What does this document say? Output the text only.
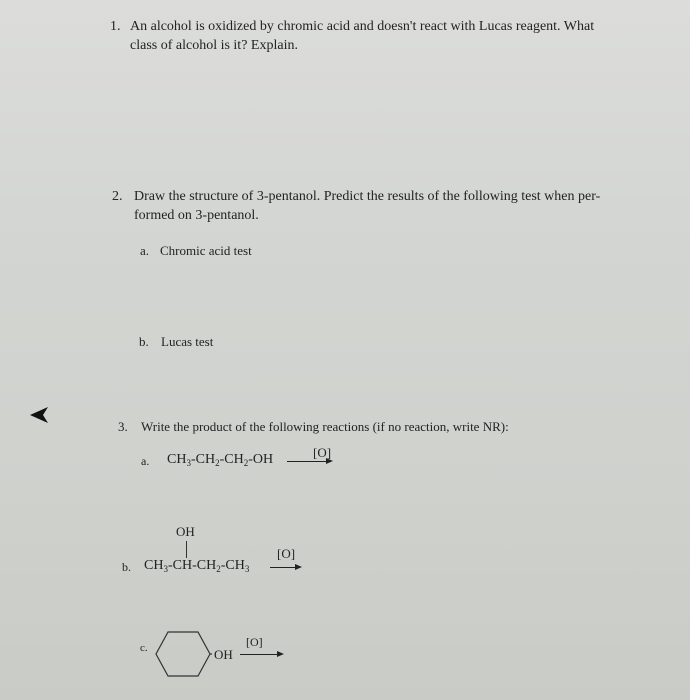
1. An alcohol is oxidized by chromic acid and doesn't react with Lucas reagent. What
class of alcohol is it? Explain.
2. Draw the structure of 3-pentanol. Predict the results of the following test when per-
formed on 3-pentanol.
a. Chromic acid test
b. Lucas test
3. Write the product of the following reactions (if no reaction, write NR):
a. $CH_3-CH_2-CH_2-OH$	[O]
OH
b. $CH_3-CH-CH_2-CH_3$
[O]
c.	OH
[O]
